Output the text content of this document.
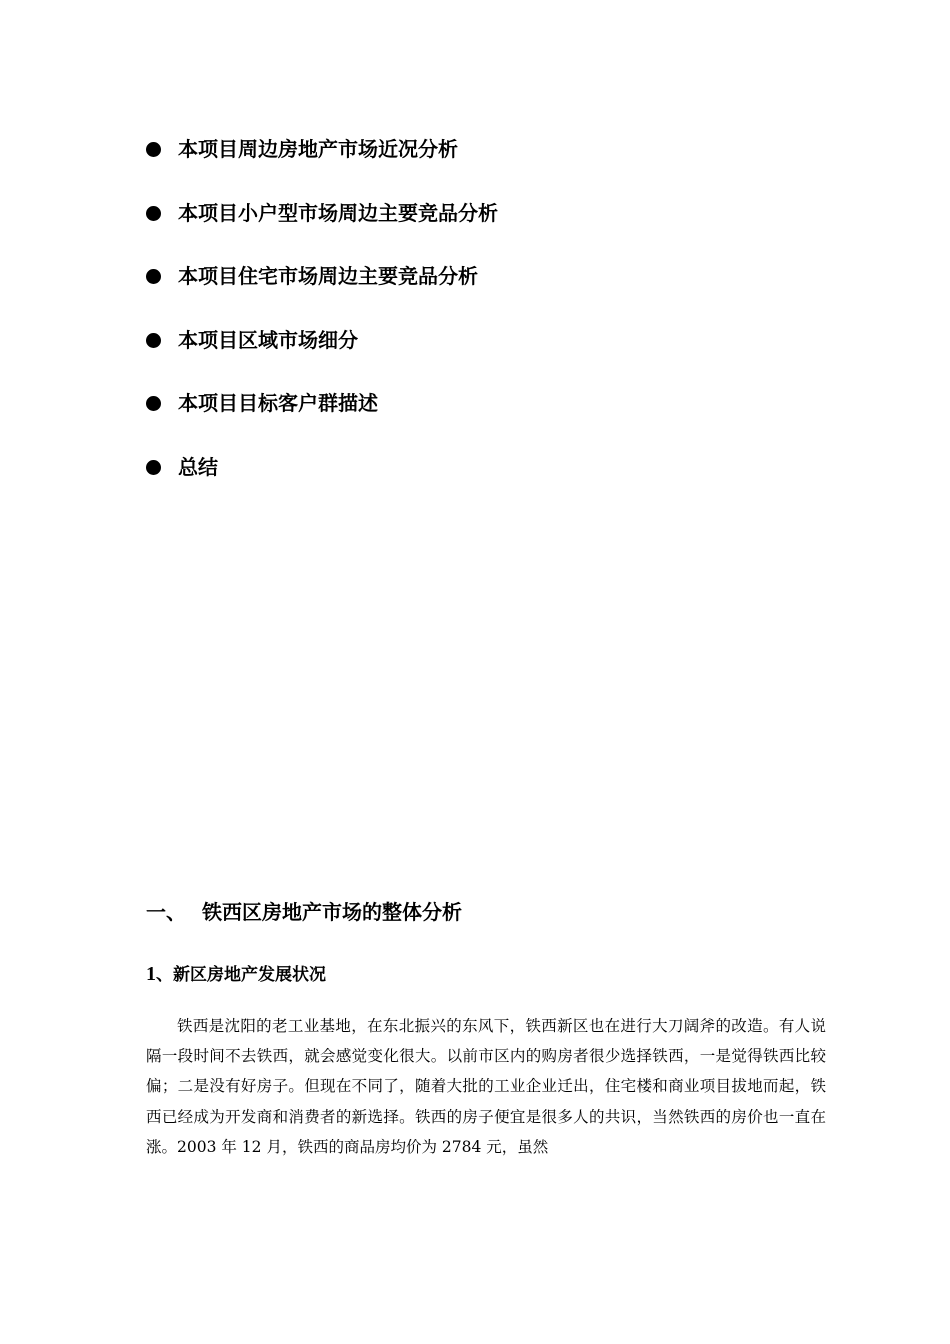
本项目周边房地产市场近况分析
本项目小户型市场周边主要竞品分析
本项目住宅市场周边主要竞品分析
本项目区域市场细分
本项目目标客户群描述
总结
一、 铁西区房地产市场的整体分析
1、新区房地产发展状况

铁西是沈阳的老工业基地，在东北振兴的东风下，铁西新区也在进行大刀阔斧的改造。有人说隔一段时间不去铁西，就会感觉变化很大。以前市区内的购房者很少选择铁西，一是觉得铁西比较偏；二是没有好房子。但现在不同了，随着大批的工业企业迁出，住宅楼和商业项目拔地而起，铁西已经成为开发商和消费者的新选择。铁西的房子便宜是很多人的共识，当然铁西的房价也一直在涨。2003 年 12 月，铁西的商品房均价为 2784 元，虽然
